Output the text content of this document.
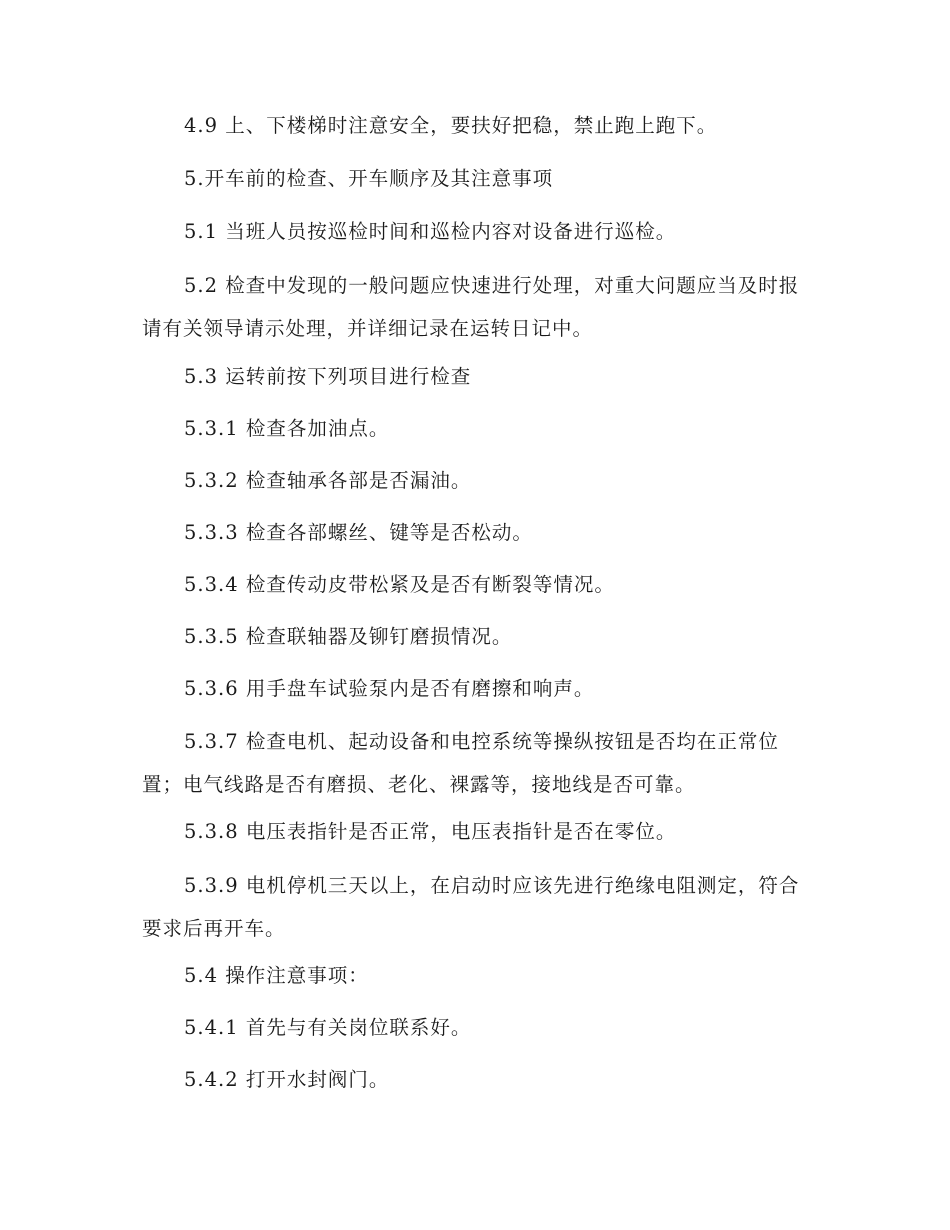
4.9 上、下楼梯时注意安全，要扶好把稳，禁止跑上跑下。

5.开车前的检查、开车顺序及其注意事项

5.1 当班人员按巡检时间和巡检内容对设备进行巡检。

5.2 检查中发现的一般问题应快速进行处理，对重大问题应当及时报请有关领导请示处理，并详细记录在运转日记中。

5.3 运转前按下列项目进行检查

5.3.1 检查各加油点。

5.3.2 检查轴承各部是否漏油。

5.3.3 检查各部螺丝、键等是否松动。

5.3.4 检查传动皮带松紧及是否有断裂等情况。

5.3.5 检查联轴器及铆钉磨损情况。

5.3.6 用手盘车试验泵内是否有磨擦和响声。

5.3.7 检查电机、起动设备和电控系统等操纵按钮是否均在正常位置；电气线路是否有磨损、老化、裸露等，接地线是否可靠。

5.3.8 电压表指针是否正常，电压表指针是否在零位。

5.3.9 电机停机三天以上，在启动时应该先进行绝缘电阻测定，符合要求后再开车。

5.4 操作注意事项：

5.4.1 首先与有关岗位联系好。

5.4.2 打开水封阀门。
